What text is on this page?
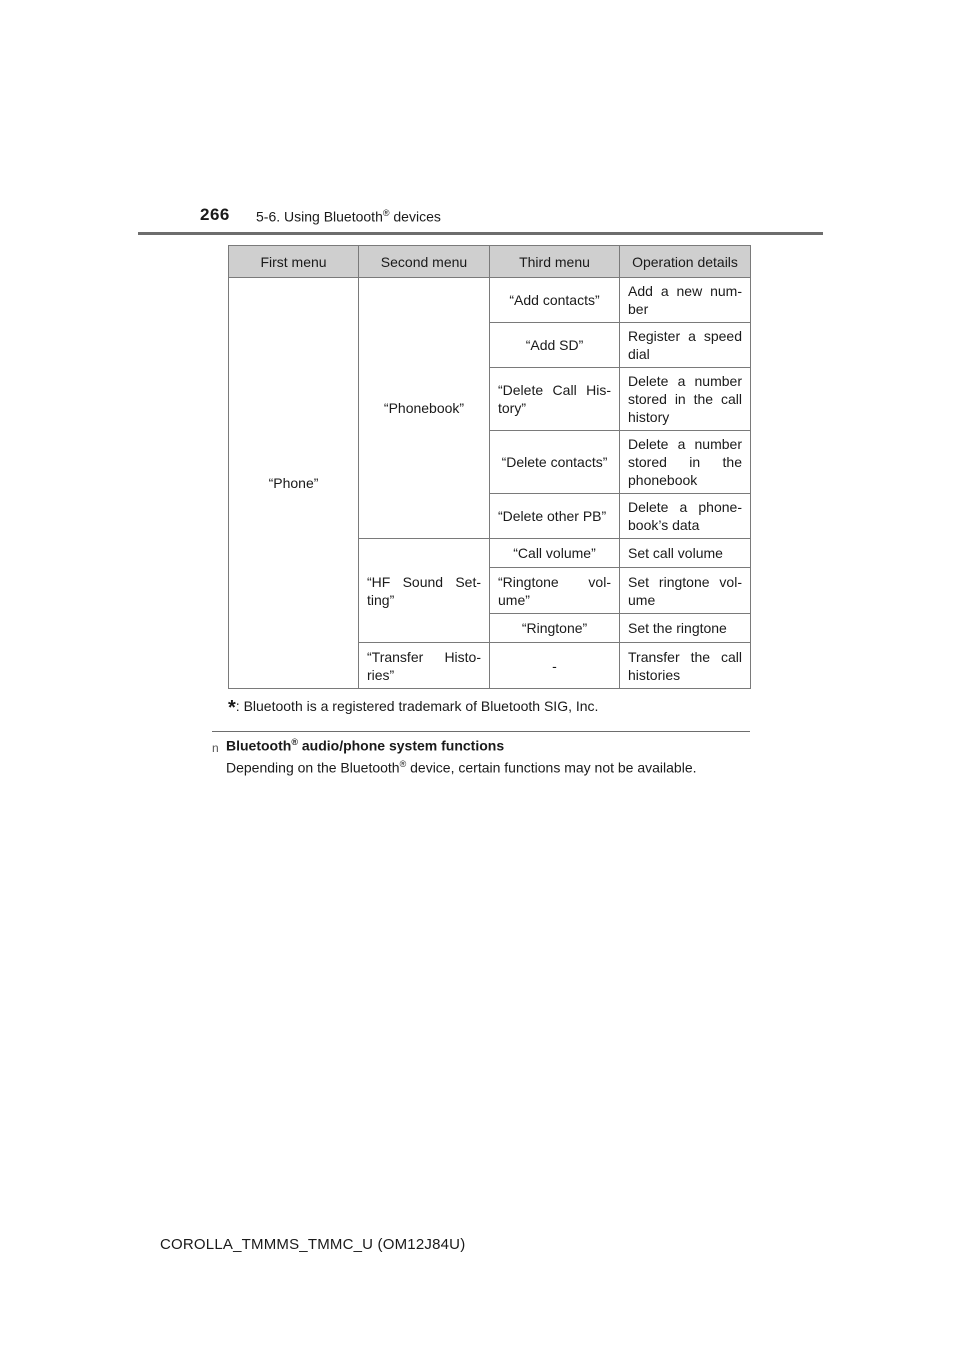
266 5-6. Using Bluetooth® devices
First menu	Second menu	Third menu	Operation details
“Phone”	“Phonebook”	“Add contacts”	Add a new num-ber
		“Add SD”	Register a speed dial
		“Delete Call His-tory”	Delete a number stored in the call history
		“Delete contacts”	Delete a number stored in the phonebook
		“Delete other PB”	Delete a phone-book’s data
	“HF Sound Set-ting”	“Call volume”	Set call volume
		“Ringtone vol-ume”	Set ringtone vol-ume
		“Ringtone”	Set the ringtone
	“Transfer Histo-ries”	-	Transfer the call histories
*: Bluetooth is a registered trademark of Bluetooth SIG, Inc.
n Bluetooth® audio/phone system functions
Depending on the Bluetooth® device, certain functions may not be available.
COROLLA_TMMMS_TMMC_U (OM12J84U)
